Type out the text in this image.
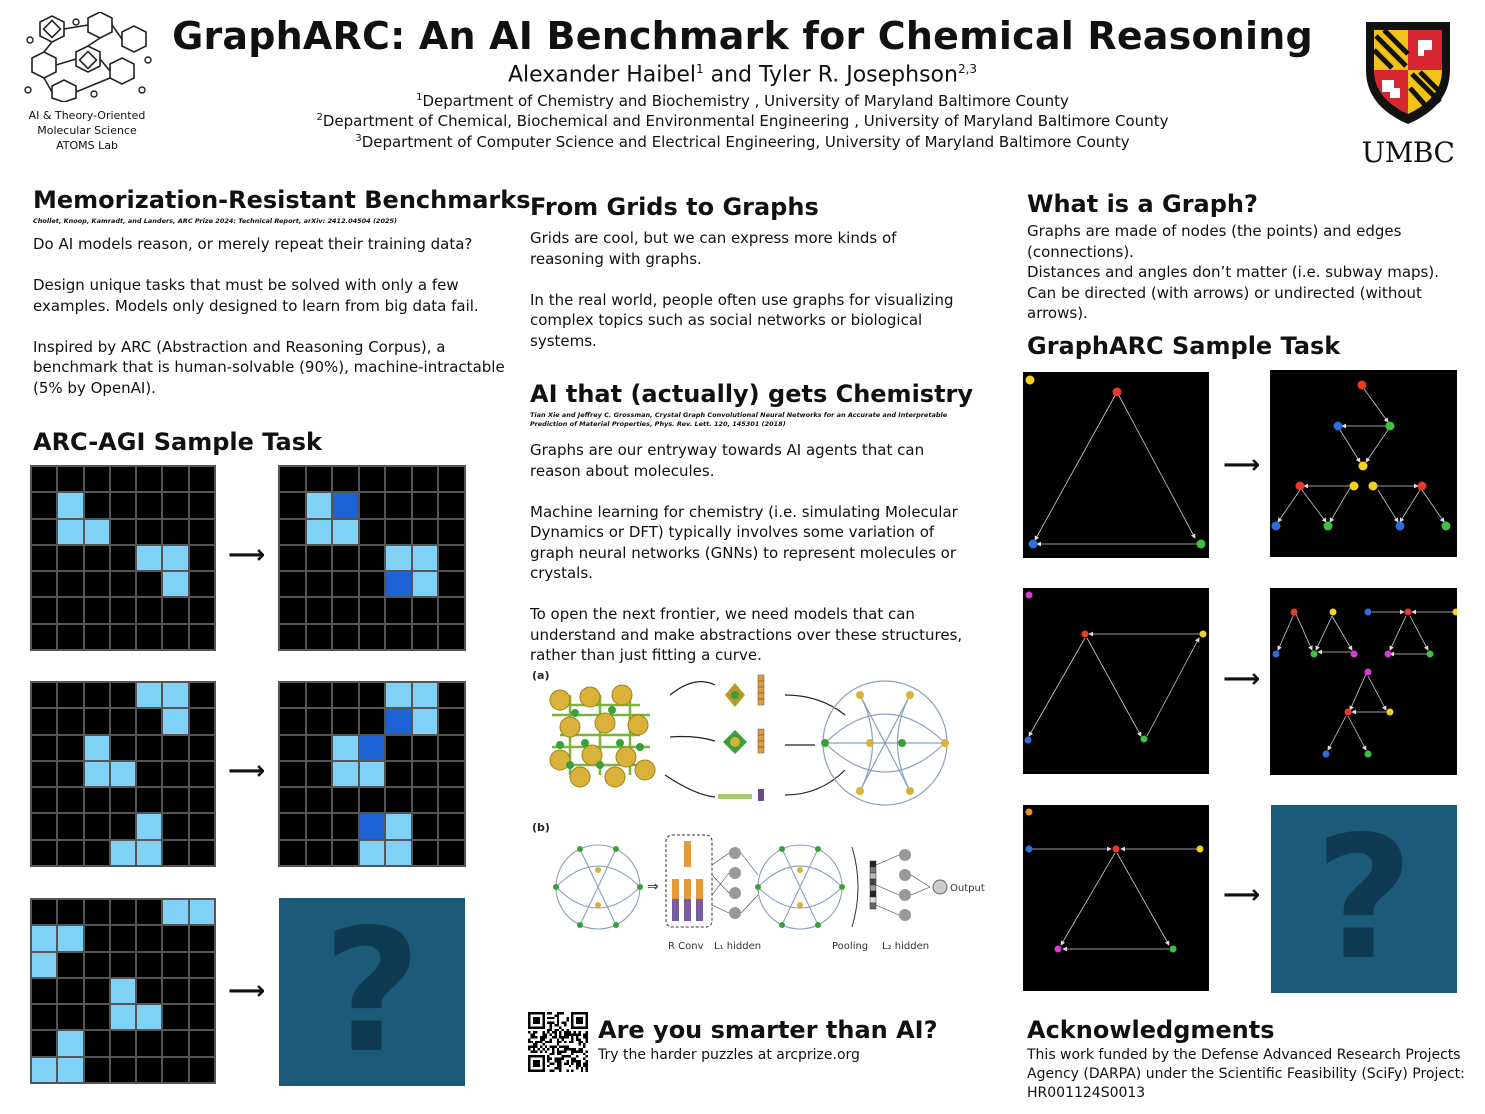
AI & Theory-Oriented
Molecular Science
ATOMS Lab
GraphARC: An AI Benchmark for Chemical Reasoning
Alexander Haibel$^1$ and Tyler R. Josephson$^{2,3}$
$^1$Department of Chemistry and Biochemistry , University of Maryland Baltimore County
$^2$Department of Chemical, Biochemical and Environmental Engineering , University of Maryland Baltimore County
$^3$Department of Computer Science and Electrical Engineering, University of Maryland Baltimore County	UMBC
Memorization-Resistant Benchmarks
Chollet, Knoop, Kamradt, and Landers, ARC Prize 2024: Technical Report, arXiv: 2412.04504 (2025)

Do AI models reason, or merely repeat their training data?

Design unique tasks that must be solved with only a few examples. Models only designed to learn from big data fail.

Inspired by ARC (Abstraction and Reasoning Corpus), a benchmark that is human-solvable (90%), machine-intractable (5% by OpenAI).

ARC-AGI Sample Task
⟶
⟶
⟶ ?
From Grids to Graphs

Grids are cool, but we can express more kinds of reasoning with graphs.

In the real world, people often use graphs for visualizing complex topics such as social networks or biological systems.

AI that (actually) gets Chemistry
Tian Xie and Jeffrey C. Grossman, Crystal Graph Convolutional Neural Networks for an Accurate and Interpretable Prediction of Material Properties, Phys. Rev. Lett. 120, 145301 (2018)

Graphs are our entryway towards AI agents that can reason about molecules.

Machine learning for chemistry (i.e. simulating Molecular Dynamics or DFT) typically involves some variation of graph neural networks (GNNs) to represent molecules or crystals.

To open the next frontier, we need models that can understand and make abstractions over these structures, rather than just fitting a curve.

(a)
(b)
⇒	Output
R Conv L₁ hidden	Pooling L₂ hidden
Are you smarter than AI?
Try the harder puzzles at arcprize.org
What is a Graph?
Graphs are made of nodes (the points) and edges (connections).
Distances and angles don’t matter (i.e. subway maps).
Can be directed (with arrows) or undirected (without arrows).
GraphARC Sample Task
⟶
⟶
⟶ ?
Acknowledgments
This work funded by the Defense Advanced Research Projects Agency (DARPA) under the Scientific Feasibility (SciFy) Project: HR001124S0013
